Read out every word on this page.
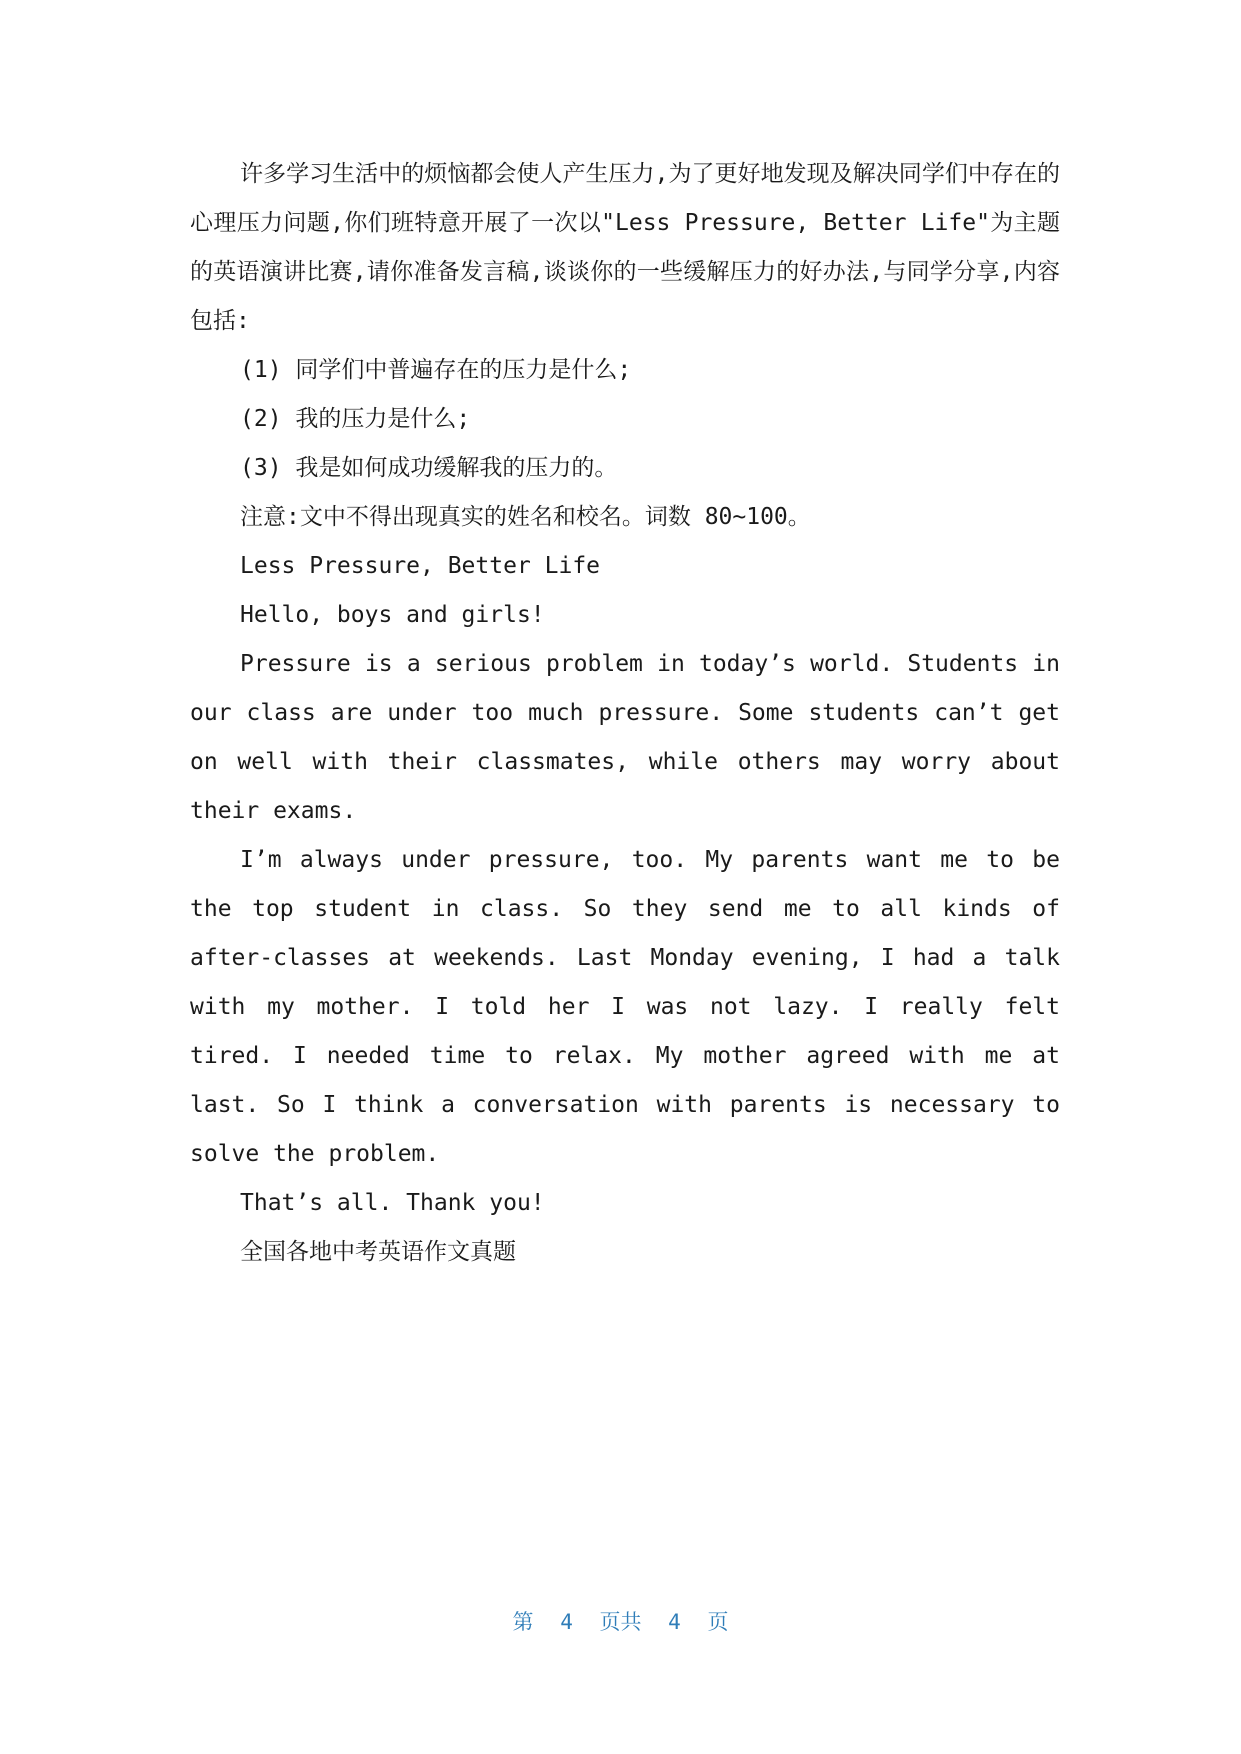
许多学习生活中的烦恼都会使人产生压力,为了更好地发现及解决同学们中存在的心理压力问题,你们班特意开展了一次以"Less Pressure, Better Life"为主题的英语演讲比赛,请你准备发言稿,谈谈你的一些缓解压力的好办法,与同学分享,内容包括:

(1) 同学们中普遍存在的压力是什么;

(2) 我的压力是什么;

(3) 我是如何成功缓解我的压力的。

注意:文中不得出现真实的姓名和校名。词数 80~100。

Less Pressure, Better Life

Hello, boys and girls!

Pressure is a serious problem in today’s world. Students in our class are under too much pressure. Some students can’t get on well with their classmates, while others may worry about their exams.

I’m always under pressure, too. My parents want me to be the top student in class. So they send me to all kinds of after-classes at weekends. Last Monday evening, I had a talk with my mother. I told her I was not lazy. I really felt tired. I needed time to relax. My mother agreed with me at last. So I think a conversation with parents is necessary to solve the problem.

That’s all. Thank you!

全国各地中考英语作文真题

第 4 页共 4 页
